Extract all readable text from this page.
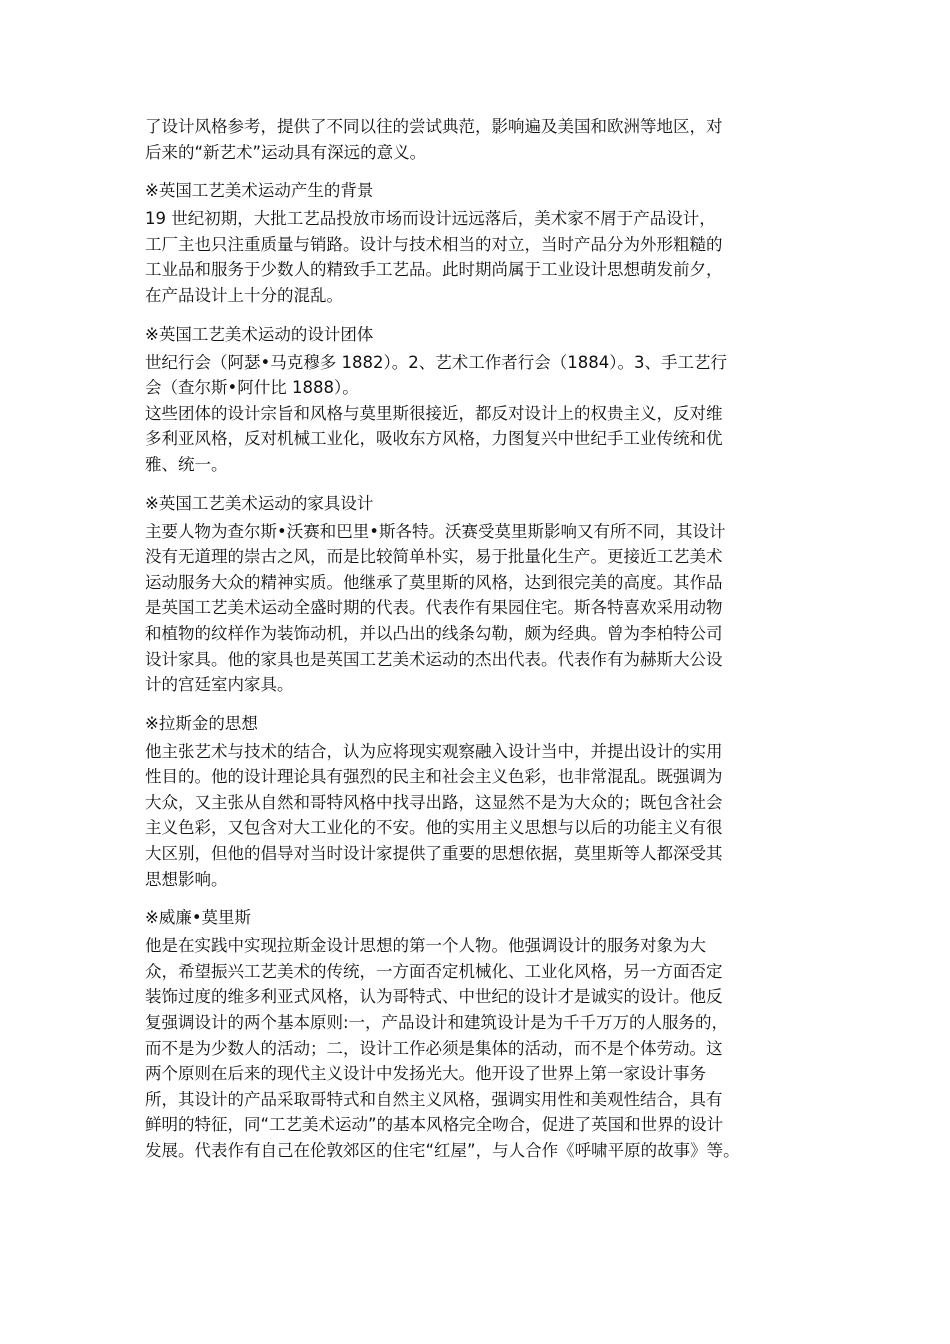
了设计风格参考，提供了不同以往的尝试典范，影响遍及美国和欧洲等地区，对

后来的“新艺术”运动具有深远的意义。

※英国工艺美术运动产生的背景

19 世纪初期，大批工艺品投放市场而设计远远落后，美术家不屑于产品设计，

工厂主也只注重质量与销路。设计与技术相当的对立，当时产品分为外形粗糙的

工业品和服务于少数人的精致手工艺品。此时期尚属于工业设计思想萌发前夕，

在产品设计上十分的混乱。

※英国工艺美术运动的设计团体

世纪行会（阿瑟•马克穆多 1882）。2、艺术工作者行会（1884）。3、手工艺行

会（查尔斯•阿什比 1888）。

这些团体的设计宗旨和风格与莫里斯很接近，都反对设计上的权贵主义，反对维

多利亚风格，反对机械工业化，吸收东方风格，力图复兴中世纪手工业传统和优

雅、统一。

※英国工艺美术运动的家具设计

主要人物为查尔斯•沃赛和巴里•斯各特。沃赛受莫里斯影响又有所不同，其设计

没有无道理的崇古之风，而是比较简单朴实，易于批量化生产。更接近工艺美术

运动服务大众的精神实质。他继承了莫里斯的风格，达到很完美的高度。其作品

是英国工艺美术运动全盛时期的代表。代表作有果园住宅。斯各特喜欢采用动物

和植物的纹样作为装饰动机，并以凸出的线条勾勒，颇为经典。曾为李柏特公司

设计家具。他的家具也是英国工艺美术运动的杰出代表。代表作有为赫斯大公设

计的宫廷室内家具。

※拉斯金的思想

他主张艺术与技术的结合，认为应将现实观察融入设计当中，并提出设计的实用

性目的。他的设计理论具有强烈的民主和社会主义色彩，也非常混乱。既强调为

大众，又主张从自然和哥特风格中找寻出路，这显然不是为大众的；既包含社会

主义色彩，又包含对大工业化的不安。他的实用主义思想与以后的功能主义有很

大区别，但他的倡导对当时设计家提供了重要的思想依据，莫里斯等人都深受其

思想影响。

※威廉•莫里斯

他是在实践中实现拉斯金设计思想的第一个人物。他强调设计的服务对象为大

众，希望振兴工艺美术的传统，一方面否定机械化、工业化风格，另一方面否定

装饰过度的维多利亚式风格，认为哥特式、中世纪的设计才是诚实的设计。他反

复强调设计的两个基本原则:一，产品设计和建筑设计是为千千万万的人服务的，

而不是为少数人的活动；二，设计工作必须是集体的活动，而不是个体劳动。这

两个原则在后来的现代主义设计中发扬光大。他开设了世界上第一家设计事务

所，其设计的产品采取哥特式和自然主义风格，强调实用性和美观性结合，具有

鲜明的特征，同“工艺美术运动”的基本风格完全吻合，促进了英国和世界的设计

发展。代表作有自己在伦敦郊区的住宅“红屋”，与人合作《呼啸平原的故事》等。
